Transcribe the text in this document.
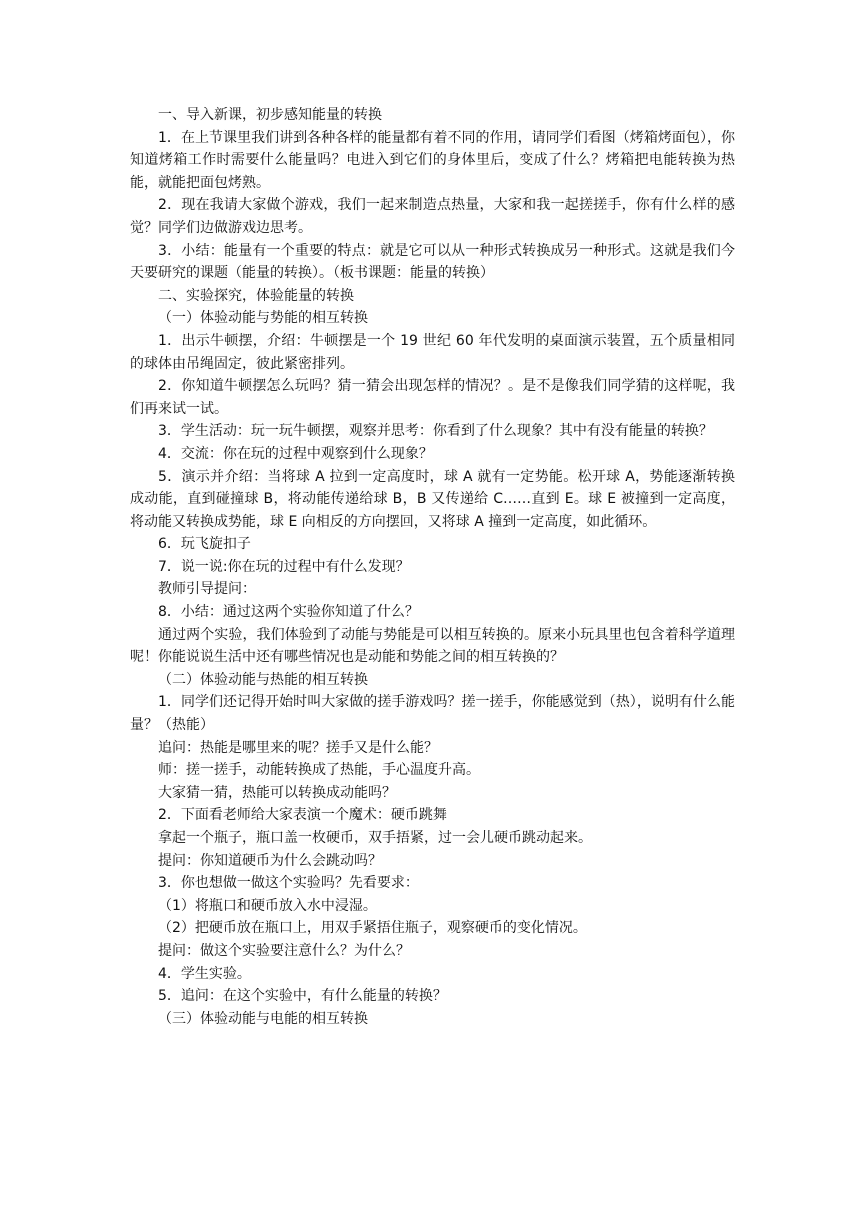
一、导入新课，初步感知能量的转换

1．在上节课里我们讲到各种各样的能量都有着不同的作用，请同学们看图（烤箱烤面包），你知道烤箱工作时需要什么能量吗？电进入到它们的身体里后，变成了什么？烤箱把电能转换为热能，就能把面包烤熟。

2．现在我请大家做个游戏，我们一起来制造点热量，大家和我一起搓搓手，你有什么样的感觉？同学们边做游戏边思考。

3．小结：能量有一个重要的特点：就是它可以从一种形式转换成另一种形式。这就是我们今天要研究的课题（能量的转换）。（板书课题：能量的转换）

二、实验探究，体验能量的转换

（一）体验动能与势能的相互转换

1．出示牛顿摆，介绍：牛顿摆是一个 19 世纪 60 年代发明的桌面演示装置，五个质量相同的球体由吊绳固定，彼此紧密排列。

2．你知道牛顿摆怎么玩吗？猜一猜会出现怎样的情况？。是不是像我们同学猜的这样呢，我们再来试一试。

3．学生活动：玩一玩牛顿摆，观察并思考：你看到了什么现象？其中有没有能量的转换？

4．交流：你在玩的过程中观察到什么现象？

5．演示并介绍：当将球 A 拉到一定高度时，球 A 就有一定势能。松开球 A，势能逐渐转换成动能，直到碰撞球 B，将动能传递给球 B，B 又传递给 C……直到 E。球 E 被撞到一定高度，将动能又转换成势能，球 E 向相反的方向摆回，又将球 A 撞到一定高度，如此循环。

6．玩飞旋扣子

7．说一说:你在玩的过程中有什么发现？

教师引导提问：

8．小结：通过这两个实验你知道了什么？

通过两个实验，我们体验到了动能与势能是可以相互转换的。原来小玩具里也包含着科学道理呢！你能说说生活中还有哪些情况也是动能和势能之间的相互转换的？

（二）体验动能与热能的相互转换

1．同学们还记得开始时叫大家做的搓手游戏吗？搓一搓手，你能感觉到（热），说明有什么能量？（热能）

追问：热能是哪里来的呢？搓手又是什么能？

师：搓一搓手，动能转换成了热能，手心温度升高。

大家猜一猜，热能可以转换成动能吗？

2．下面看老师给大家表演一个魔术：硬币跳舞

拿起一个瓶子，瓶口盖一枚硬币，双手捂紧，过一会儿硬币跳动起来。

提问：你知道硬币为什么会跳动吗？

3．你也想做一做这个实验吗？先看要求：

（1）将瓶口和硬币放入水中浸湿。

（2）把硬币放在瓶口上，用双手紧捂住瓶子，观察硬币的变化情况。

提问：做这个实验要注意什么？为什么？

4．学生实验。

5．追问：在这个实验中，有什么能量的转换？

（三）体验动能与电能的相互转换
